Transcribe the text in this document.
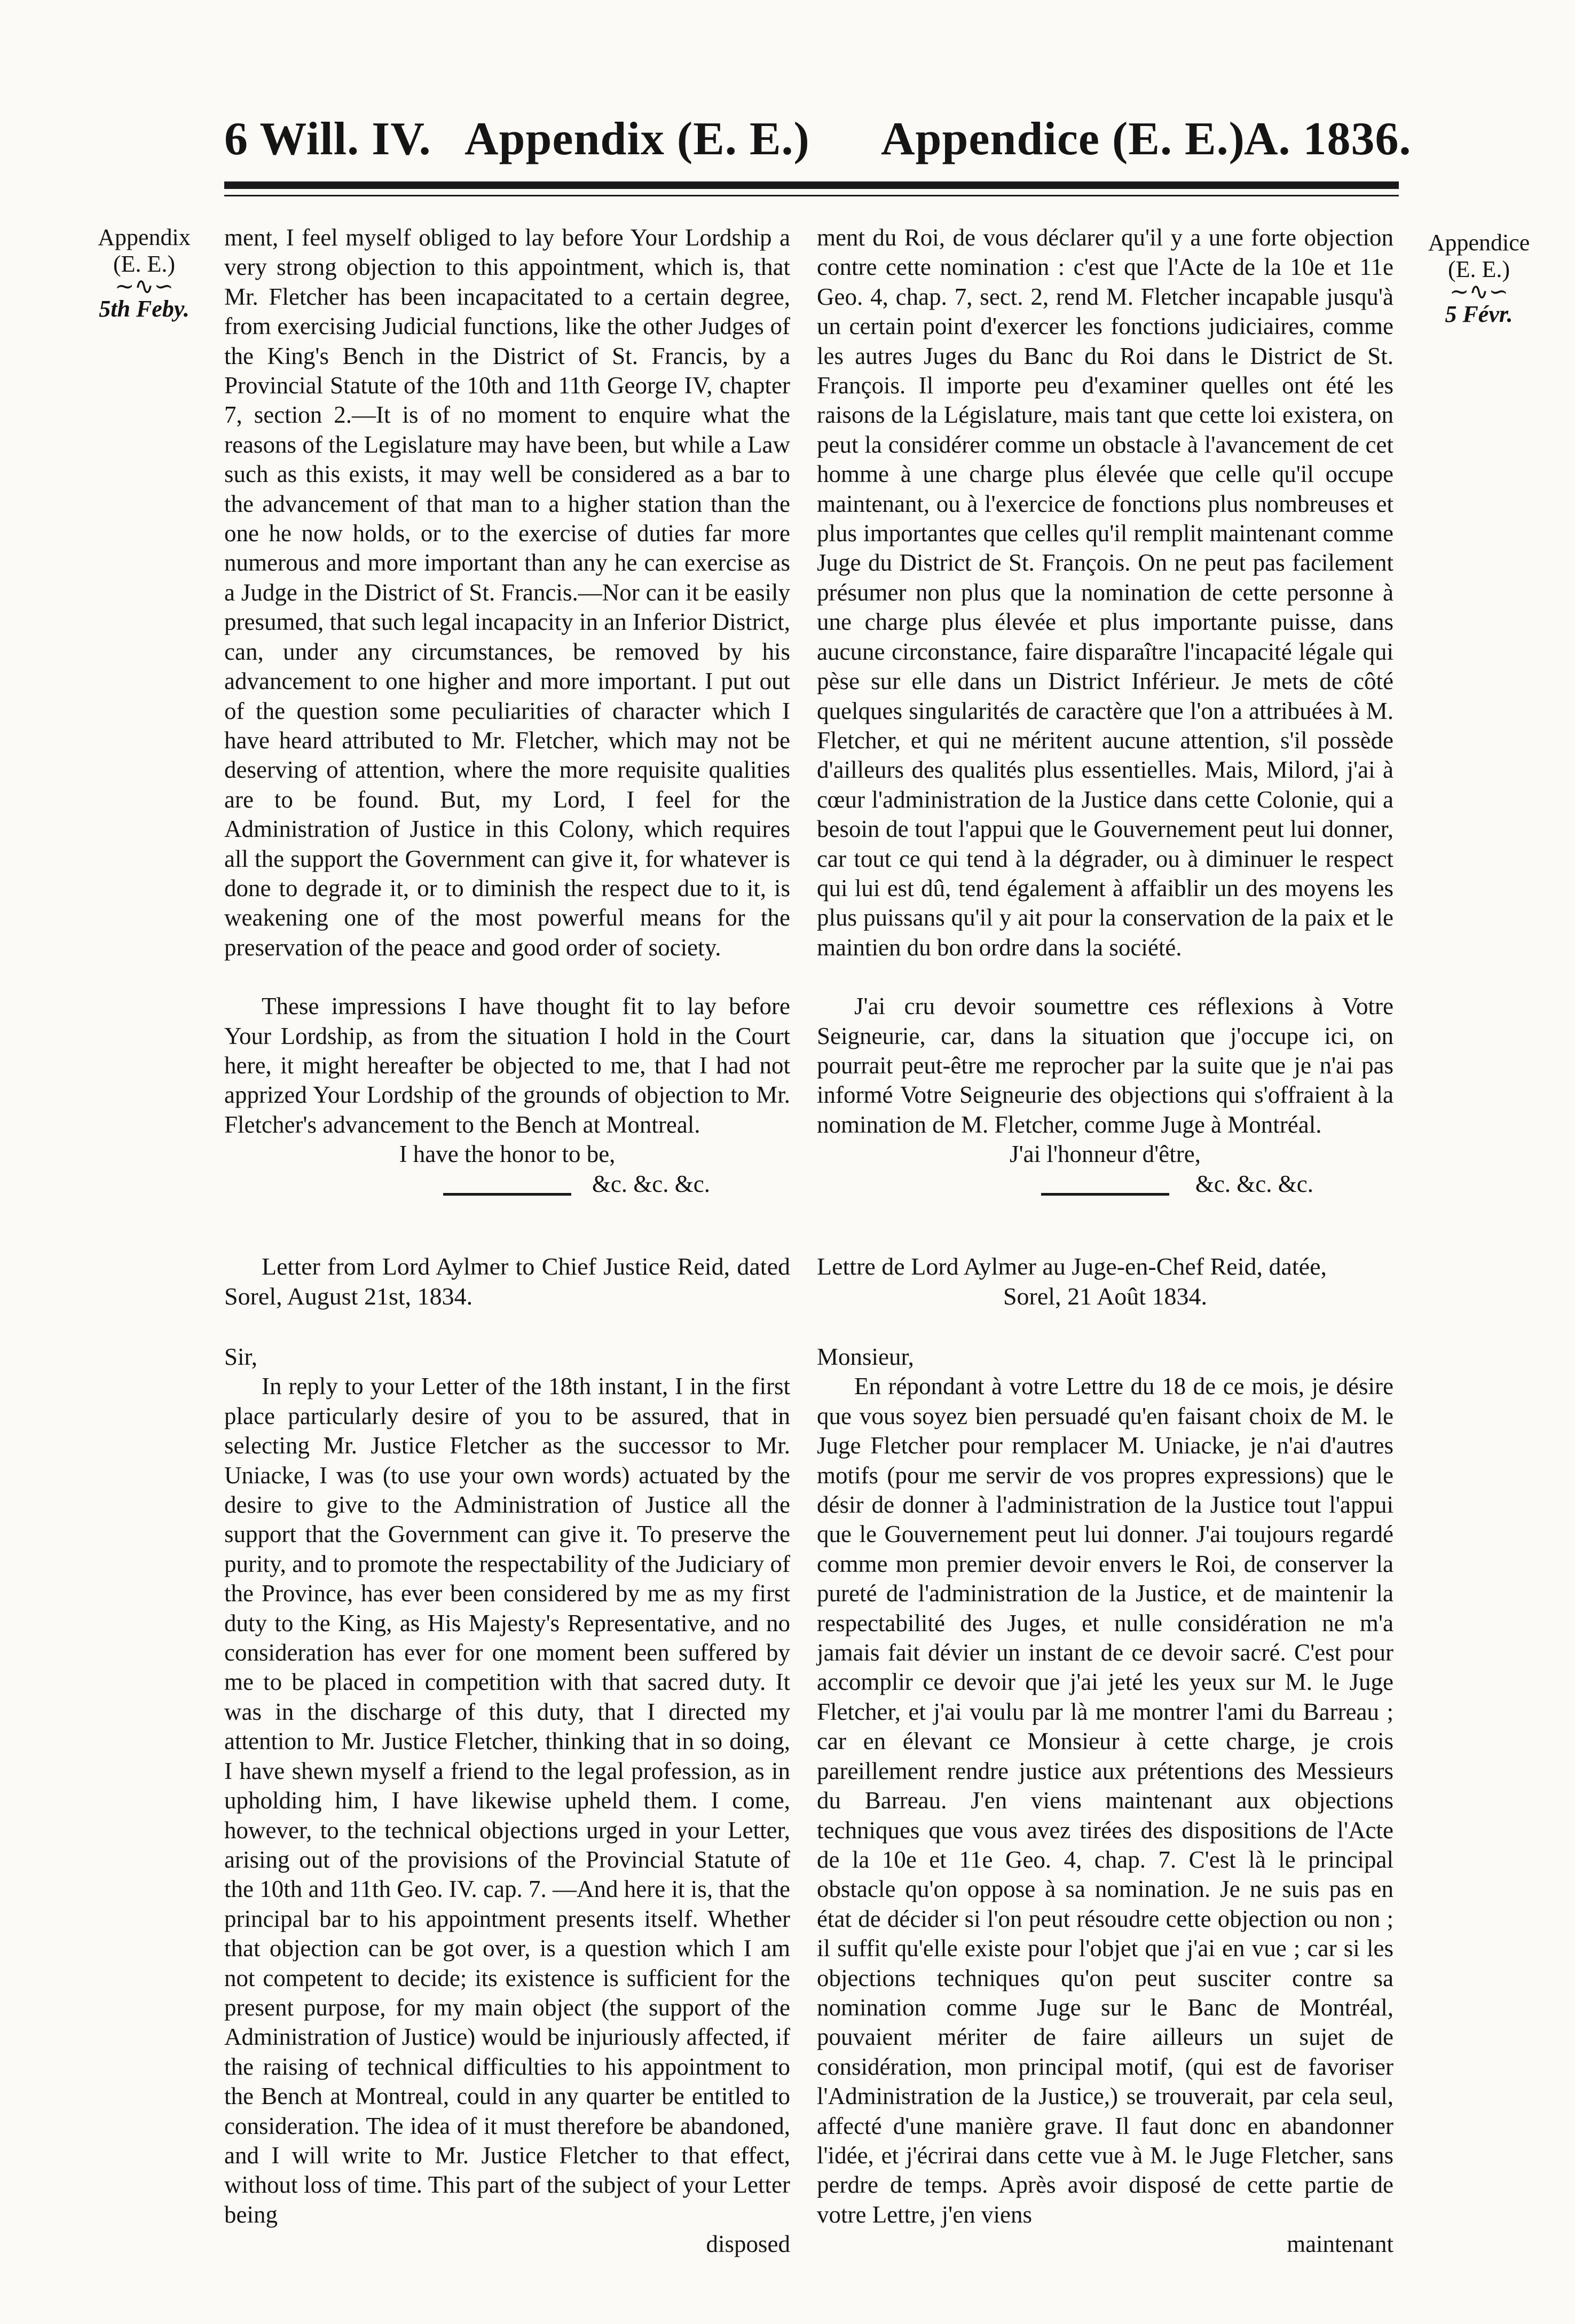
6 Will. IV. Appendix (E. E.) Appendice (E. E.)
A. 1836.
Appendix
(E. E.)
∼∿∽
5th Feby.
Appendice
(E. E.)
∼∿∽
5 Févr.

ment, I feel myself obliged to lay before Your Lordship a very strong objection to this appointment, which is, that Mr. Fletcher has been incapacitated to a certain degree, from exercising Judicial functions, like the other Judges of the King's Bench in the District of St. Francis, by a Provincial Statute of the 10th and 11th George IV, chapter 7, section 2.—It is of no moment to enquire what the reasons of the Legislature may have been, but while a Law such as this exists, it may well be considered as a bar to the advancement of that man to a higher station than the one he now holds, or to the exercise of duties far more numerous and more important than any he can exercise as a Judge in the District of St. Francis.—Nor can it be easily presumed, that such legal incapacity in an Inferior District, can, under any circumstances, be removed by his advancement to one higher and more important. I put out of the question some peculiarities of character which I have heard attributed to Mr. Fletcher, which may not be deserving of attention, where the more requisite qualities are to be found. But, my Lord, I feel for the Administration of Justice in this Colony, which requires all the support the Government can give it, for whatever is done to degrade it, or to diminish the respect due to it, is weakening one of the most powerful means for the preservation of the peace and good order of society.

These impressions I have thought fit to lay before Your Lordship, as from the situation I hold in the Court here, it might hereafter be objected to me, that I had not apprized Your Lordship of the grounds of objection to Mr. Fletcher's advancement to the Bench at Montreal.

I have the honor to be,

&c. &c. &c.

ment du Roi, de vous déclarer qu'il y a une forte objection contre cette nomination : c'est que l'Acte de la 10e et 11e Geo. 4, chap. 7, sect. 2, rend M. Fletcher incapable jusqu'à un certain point d'exercer les fonctions judiciaires, comme les autres Juges du Banc du Roi dans le District de St. François. Il importe peu d'examiner quelles ont été les raisons de la Législature, mais tant que cette loi existera, on peut la considérer comme un obstacle à l'avancement de cet homme à une charge plus élevée que celle qu'il occupe maintenant, ou à l'exercice de fonctions plus nombreuses et plus importantes que celles qu'il remplit maintenant comme Juge du District de St. François. On ne peut pas facilement présumer non plus que la nomination de cette personne à une charge plus élevée et plus importante puisse, dans aucune circonstance, faire disparaître l'incapacité légale qui pèse sur elle dans un District Inférieur. Je mets de côté quelques singularités de caractère que l'on a attribuées à M. Fletcher, et qui ne méritent aucune attention, s'il possède d'ailleurs des qualités plus essentielles. Mais, Milord, j'ai à cœur l'administration de la Justice dans cette Colonie, qui a besoin de tout l'appui que le Gouvernement peut lui donner, car tout ce qui tend à la dégrader, ou à diminuer le respect qui lui est dû, tend également à affaiblir un des moyens les plus puissans qu'il y ait pour la conservation de la paix et le maintien du bon ordre dans la société.

J'ai cru devoir soumettre ces réflexions à Votre Seigneurie, car, dans la situation que j'occupe ici, on pourrait peut-être me reprocher par la suite que je n'ai pas informé Votre Seigneurie des objections qui s'offraient à la nomination de M. Fletcher, comme Juge à Montréal.

J'ai l'honneur d'être,

&c. &c. &c.

Letter from Lord Aylmer to Chief Justice Reid, dated Sorel, August 21st, 1834.
Lettre de Lord Aylmer au Juge-en-Chef Reid, datée,
Sorel, 21 Août 1834.

Sir,

In reply to your Letter of the 18th instant, I in the first place particularly desire of you to be assured, that in selecting Mr. Justice Fletcher as the successor to Mr. Uniacke, I was (to use your own words) actuated by the desire to give to the Administration of Justice all the support that the Government can give it. To preserve the purity, and to promote the respectability of the Judiciary of the Province, has ever been considered by me as my first duty to the King, as His Majesty's Representative, and no consideration has ever for one moment been suffered by me to be placed in competition with that sacred duty. It was in the discharge of this duty, that I directed my attention to Mr. Justice Fletcher, thinking that in so doing, I have shewn myself a friend to the legal profession, as in upholding him, I have likewise upheld them. I come, however, to the technical objections urged in your Letter, arising out of the provisions of the Provincial Statute of the 10th and 11th Geo. IV. cap. 7. —And here it is, that the principal bar to his appointment presents itself. Whether that objection can be got over, is a question which I am not competent to decide; its existence is sufficient for the present purpose, for my main object (the support of the Administration of Justice) would be injuriously affected, if the raising of technical difficulties to his appointment to the Bench at Montreal, could in any quarter be entitled to consideration. The idea of it must therefore be abandoned, and I will write to Mr. Justice Fletcher to that effect, without loss of time. This part of the subject of your Letter being

disposed

Monsieur,

En répondant à votre Lettre du 18 de ce mois, je désire que vous soyez bien persuadé qu'en faisant choix de M. le Juge Fletcher pour remplacer M. Uniacke, je n'ai d'autres motifs (pour me servir de vos propres expressions) que le désir de donner à l'administration de la Justice tout l'appui que le Gouvernement peut lui donner. J'ai toujours regardé comme mon premier devoir envers le Roi, de conserver la pureté de l'administration de la Justice, et de maintenir la respectabilité des Juges, et nulle considération ne m'a jamais fait dévier un instant de ce devoir sacré. C'est pour accomplir ce devoir que j'ai jeté les yeux sur M. le Juge Fletcher, et j'ai voulu par là me montrer l'ami du Barreau ; car en élevant ce Monsieur à cette charge, je crois pareillement rendre justice aux prétentions des Messieurs du Barreau. J'en viens maintenant aux objections techniques que vous avez tirées des dispositions de l'Acte de la 10e et 11e Geo. 4, chap. 7. C'est là le principal obstacle qu'on oppose à sa nomination. Je ne suis pas en état de décider si l'on peut résoudre cette objection ou non ; il suffit qu'elle existe pour l'objet que j'ai en vue ; car si les objections techniques qu'on peut susciter contre sa nomination comme Juge sur le Banc de Montréal, pouvaient mériter de faire ailleurs un sujet de considération, mon principal motif, (qui est de favoriser l'Administration de la Justice,) se trouverait, par cela seul, affecté d'une manière grave. Il faut donc en abandonner l'idée, et j'écrirai dans cette vue à M. le Juge Fletcher, sans perdre de temps. Après avoir disposé de cette partie de votre Lettre, j'en viens

maintenant
